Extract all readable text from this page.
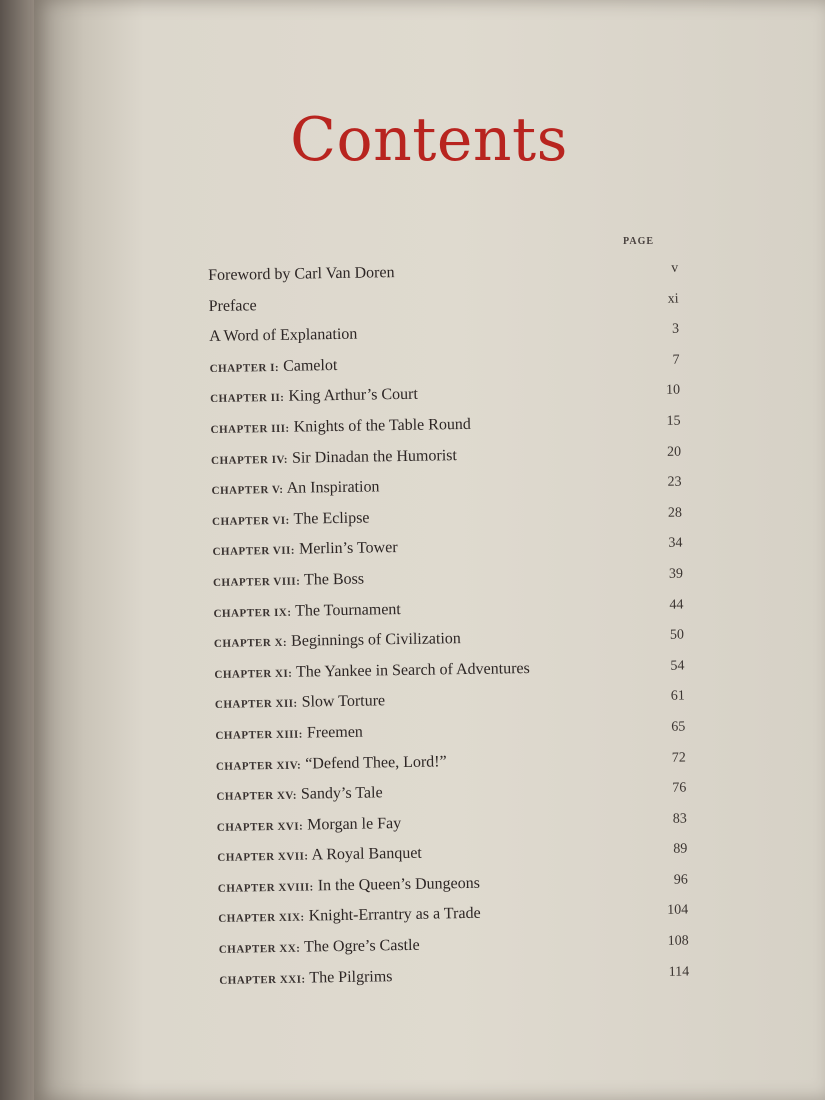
Contents
PAGE
Foreword by Carl Van Doren	v
Preface	xi
A Word of Explanation	3
CHAPTER I: Camelot	7
CHAPTER II: King Arthur’s Court	10
CHAPTER III: Knights of the Table Round	15
CHAPTER IV: Sir Dinadan the Humorist	20
CHAPTER V: An Inspiration	23
CHAPTER VI: The Eclipse	28
CHAPTER VII: Merlin’s Tower	34
CHAPTER VIII: The Boss	39
CHAPTER IX: The Tournament	44
CHAPTER X: Beginnings of Civilization	50
CHAPTER XI: The Yankee in Search of Adventures	54
CHAPTER XII: Slow Torture	61
CHAPTER XIII: Freemen	65
CHAPTER XIV: “Defend Thee, Lord!”	72
CHAPTER XV: Sandy’s Tale	76
CHAPTER XVI: Morgan le Fay	83
CHAPTER XVII: A Royal Banquet	89
CHAPTER XVIII: In the Queen’s Dungeons	96
CHAPTER XIX: Knight-Errantry as a Trade	104
CHAPTER XX: The Ogre’s Castle	108
CHAPTER XXI: The Pilgrims	114
